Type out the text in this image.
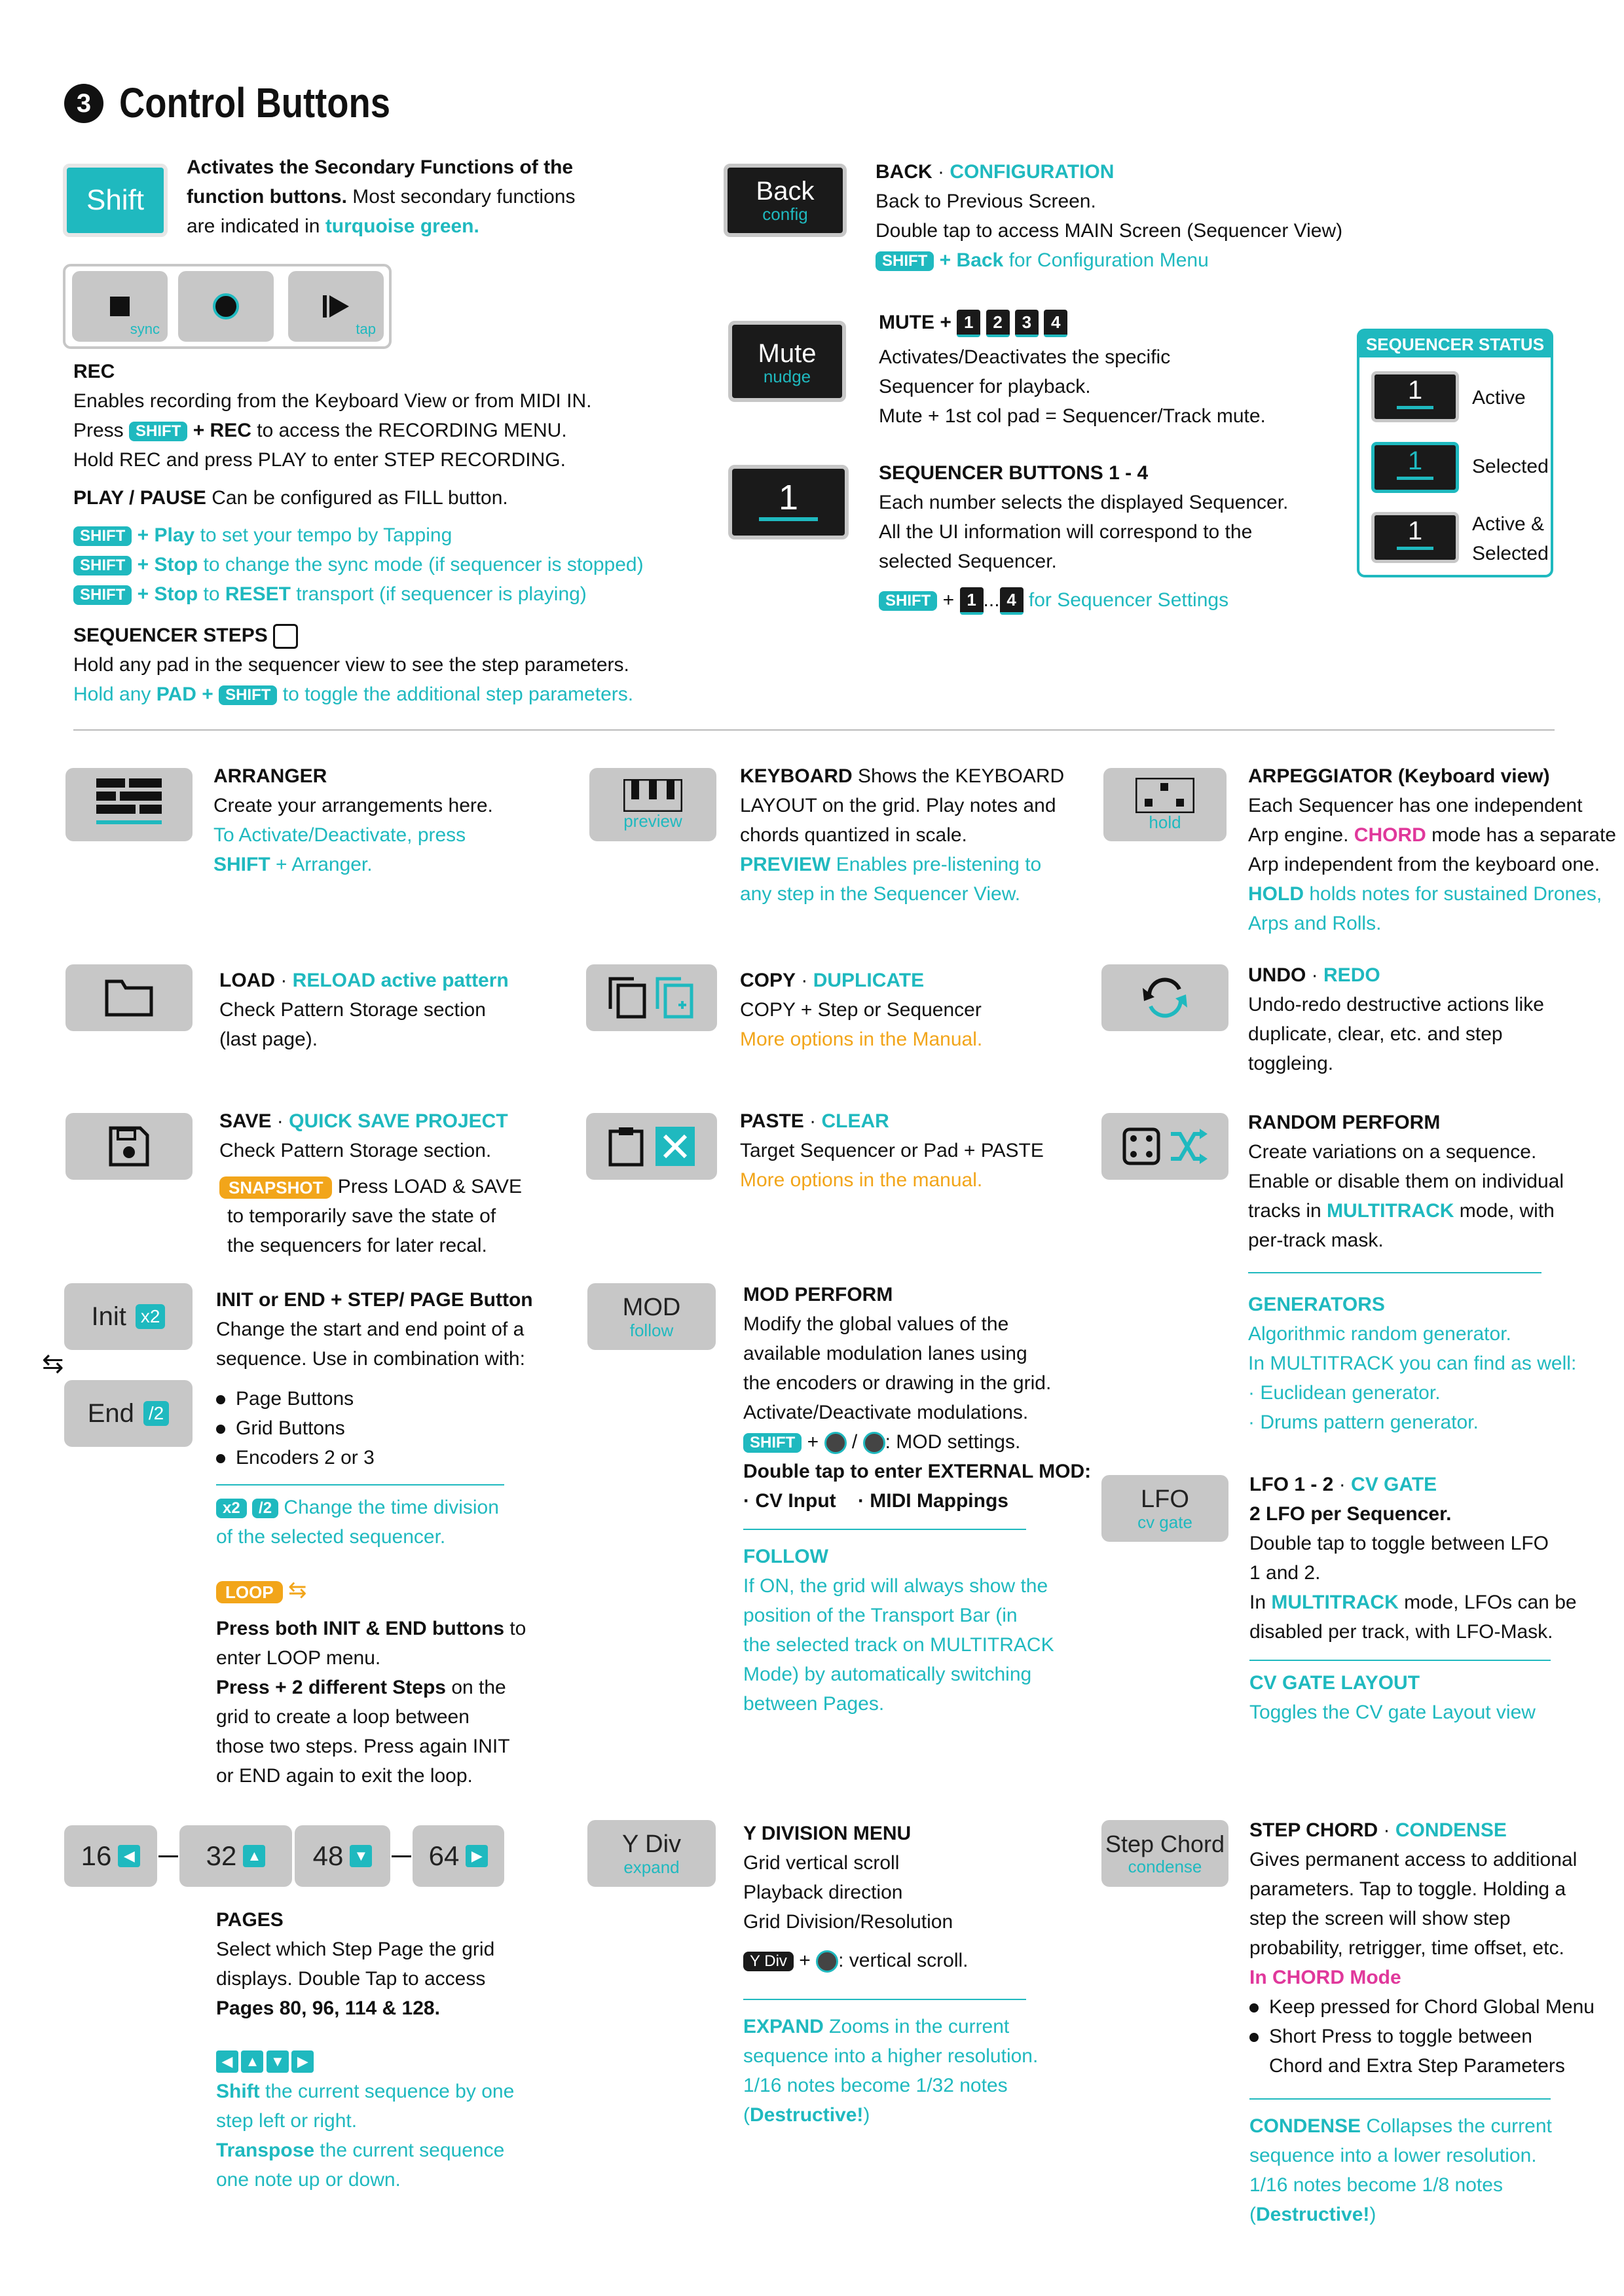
3 Control Buttons
Shift
Activates the Secondary Functions of the
function buttons. Most secondary functions
are indicated in turquoise green.
sync	tap
REC
Enables recording from the Keyboard View or from MIDI IN.
Press SHIFT + REC to access the RECORDING MENU.
Hold REC and press PLAY to enter STEP RECORDING.
PLAY / PAUSE Can be configured as FILL button.
SHIFT + Play to set your tempo by Tapping
SHIFT + Stop to change the sync mode (if sequencer is stopped)
SHIFT + Stop to RESET transport (if sequencer is playing)
SEQUENCER STEPS
Hold any pad in the sequencer view to see the step parameters.
Hold any PAD + SHIFT to toggle the additional step parameters.
Back
config
BACK · CONFIGURATION
Back to Previous Screen.
Double tap to access MAIN Screen (Sequencer View)
SHIFT + Back for Configuration Menu
Mute
nudge
MUTE + 1 2 3 4
Activates/Deactivates the specific
Sequencer for playback.
Mute + 1st col pad = Sequencer/Track mute.
1
SEQUENCER BUTTONS 1 - 4
Each number selects the displayed Sequencer.
All the UI information will correspond to the
selected Sequencer.
SHIFT + 1 ... 4 for Sequencer Settings
SEQUENCER STATUS
1	Active
1	Selected
1	Active &
Selected
ARRANGER
Create your arrangements here.
To Activate/Deactivate, press
SHIFT + Arranger.
preview
KEYBOARD Shows the KEYBOARD
LAYOUT on the grid. Play notes and
chords quantized in scale.
PREVIEW Enables pre-listening to
any step in the Sequencer View.
hold
ARPEGGIATOR (Keyboard view)
Each Sequencer has one independent
Arp engine. CHORD mode has a separate
Arp independent from the keyboard one.
HOLD holds notes for sustained Drones,
Arps and Rolls.
LOAD · RELOAD active pattern
Check Pattern Storage section
(last page).
COPY · DUPLICATE
COPY + Step or Sequencer
More options in the Manual.
UNDO · REDO
Undo-redo destructive actions like
duplicate, clear, etc. and step
toggleing.
SAVE · QUICK SAVE PROJECT
Check Pattern Storage section.
SNAPSHOT Press LOAD & SAVE
to temporarily save the state of
the sequencers for later recal.
PASTE · CLEAR
Target Sequencer or Pad + PASTE
More options in the manual.
RANDOM PERFORM
Create variations on a sequence.
Enable or disable them on individual
tracks in MULTITRACK mode, with
per-track mask.
GENERATORS
Algorithmic random generator.
In MULTITRACK you can find as well:
· Euclidean generator.
· Drums pattern generator.
Init x2
⇆
End /2
INIT or END + STEP/ PAGE Button
Change the start and end point of a
sequence. Use in combination with:
Page Buttons
Grid Buttons
Encoders 2 or 3
x2 /2 Change the time division
of the selected sequencer.
LOOP ⇆
Press both INIT & END buttons to
enter LOOP menu.
Press + 2 different Steps on the
grid to create a loop between
those two steps. Press again INIT
or END again to exit the loop.
MOD
follow
MOD PERFORM
Modify the global values of the
available modulation lanes using
the encoders or drawing in the grid.
Activate/Deactivate modulations.
SHIFT + / : MOD settings.
Double tap to enter EXTERNAL MOD:
· CV Input · MIDI Mappings
FOLLOW
If ON, the grid will always show the
position of the Transport Bar (in
the selected track on MULTITRACK
Mode) by automatically switching
between Pages.
LFO
cv gate
LFO 1 - 2 · CV GATE
2 LFO per Sequencer.
Double tap to toggle between LFO
1 and 2.
In MULTITRACK mode, LFOs can be
disabled per track, with LFO-Mask.
CV GATE LAYOUT
Toggles the CV gate Layout view
16 ◀	32 ▲ 48 ▼ 64 ▶
PAGES
Select which Step Page the grid
displays. Double Tap to access
Pages 80, 96, 114 & 128.
◀ ▲ ▼ ▶
Shift the current sequence by one
step left or right.
Transpose the current sequence
one note up or down.
Y Div
expand
Y DIVISION MENU
Grid vertical scroll
Playback direction
Grid Division/Resolution
Y Div + : vertical scroll.
EXPAND Zooms in the current
sequence into a higher resolution.
1/16 notes become 1/32 notes
(Destructive!)
Step Chord
condense
STEP CHORD · CONDENSE
Gives permanent access to additional
parameters. Tap to toggle. Holding a
step the screen will show step
probability, retrigger, time offset, etc.
In CHORD Mode
Keep pressed for Chord Global Menu
Short Press to toggle between
Chord and Extra Step Parameters
CONDENSE Collapses the current
sequence into a lower resolution.
1/16 notes become 1/8 notes
(Destructive!)
